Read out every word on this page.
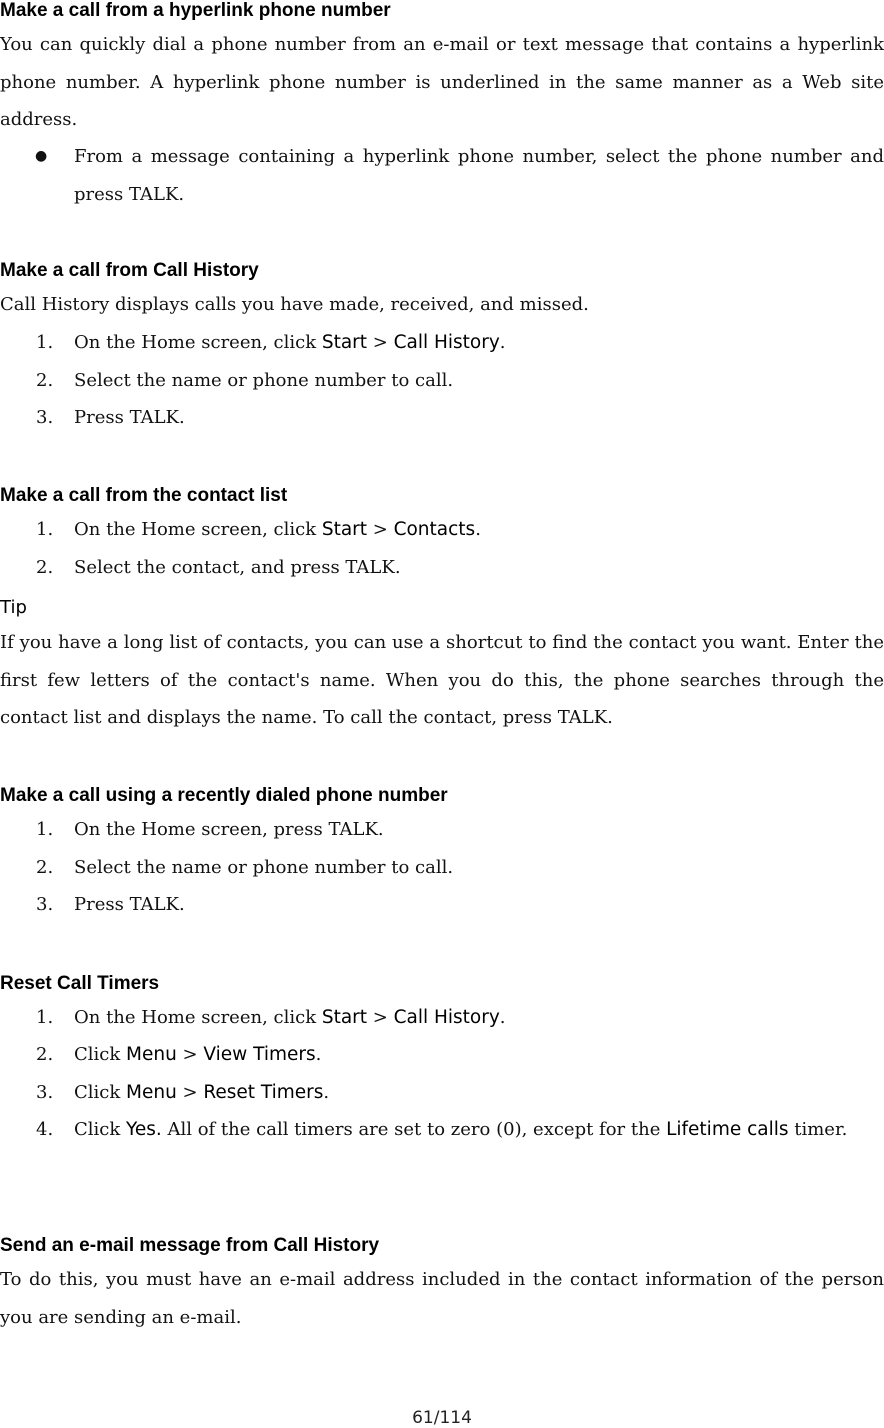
Make a call from a hyperlink phone number
You can quickly dial a phone number from an e-mail or text message that contains a hyperlink phone number. A hyperlink phone number is underlined in the same manner as a Web site address.
● From a message containing a hyperlink phone number, select the phone number and press TALK.
Make a call from Call History
Call History displays calls you have made, received, and missed.
1. On the Home screen, click Start > Call History.
2. Select the name or phone number to call.
3. Press TALK.
Make a call from the contact list
1. On the Home screen, click Start > Contacts.
2. Select the contact, and press TALK.
Tip
If you have a long list of contacts, you can use a shortcut to find the contact you want. Enter the first few letters of the contact's name. When you do this, the phone searches through the contact list and displays the name. To call the contact, press TALK.
Make a call using a recently dialed phone number
1. On the Home screen, press TALK.
2. Select the name or phone number to call.
3. Press TALK.
Reset Call Timers
1. On the Home screen, click Start > Call History.
2. Click Menu > View Timers.
3. Click Menu > Reset Timers.
4. Click Yes. All of the call timers are set to zero (0), except for the Lifetime calls timer.
Send an e-mail message from Call History
To do this, you must have an e-mail address included in the contact information of the person you are sending an e-mail.
61/114
